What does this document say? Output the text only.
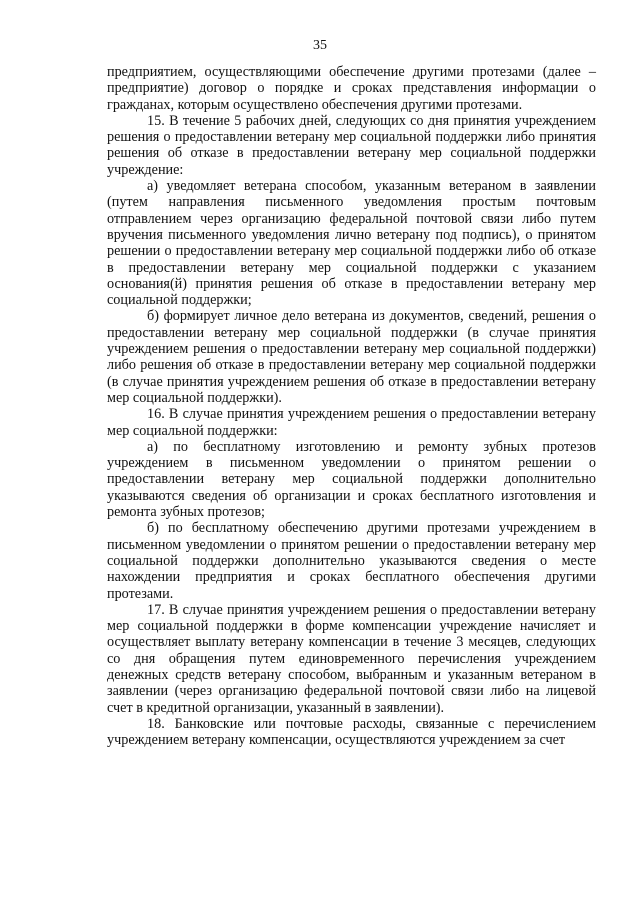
35

предприятием, осуществляющими обеспечение другими протезами (далее – предприятие) договор о порядке и сроках представления информации о гражданах, которым осуществлено обеспечения другими протезами.

15. В течение 5 рабочих дней, следующих со дня принятия учреждением решения о предоставлении ветерану мер социальной поддержки либо принятия решения об отказе в предоставлении ветерану мер социальной поддержки учреждение:

а) уведомляет ветерана способом, указанным ветераном в заявлении (путем направления письменного уведомления простым почтовым отправлением через организацию федеральной почтовой связи либо путем вручения письменного уведомления лично ветерану под подпись), о принятом решении о предоставлении ветерану мер социальной поддержки либо об отказе в предоставлении ветерану мер социальной поддержки с указанием основания(й) принятия решения об отказе в предоставлении ветерану мер социальной поддержки;

б) формирует личное дело ветерана из документов, сведений, решения о предоставлении ветерану мер социальной поддержки (в случае принятия учреждением решения о предоставлении ветерану мер социальной поддержки) либо решения об отказе в предоставлении ветерану мер социальной поддержки (в случае принятия учреждением решения об отказе в предоставлении ветерану мер социальной поддержки).

16. В случае принятия учреждением решения о предоставлении ветерану мер социальной поддержки:

а) по бесплатному изготовлению и ремонту зубных протезов учреждением в письменном уведомлении о принятом решении о предоставлении ветерану мер социальной поддержки дополнительно указываются сведения об организации и сроках бесплатного изготовления и ремонта зубных протезов;

б) по бесплатному обеспечению другими протезами учреждением в письменном уведомлении о принятом решении о предоставлении ветерану мер социальной поддержки дополнительно указываются сведения о месте нахождении предприятия и сроках бесплатного обеспечения другими протезами.

17. В случае принятия учреждением решения о предоставлении ветерану мер социальной поддержки в форме компенсации учреждение начисляет и осуществляет выплату ветерану компенсации в течение 3 месяцев, следующих со дня обращения путем единовременного перечисления учреждением денежных средств ветерану способом, выбранным и указанным ветераном в заявлении (через организацию федеральной почтовой связи либо на лицевой счет в кредитной организации, указанный в заявлении).

18. Банковские или почтовые расходы, связанные с перечислением учреждением ветерану компенсации, осуществляются учреждением за счет
